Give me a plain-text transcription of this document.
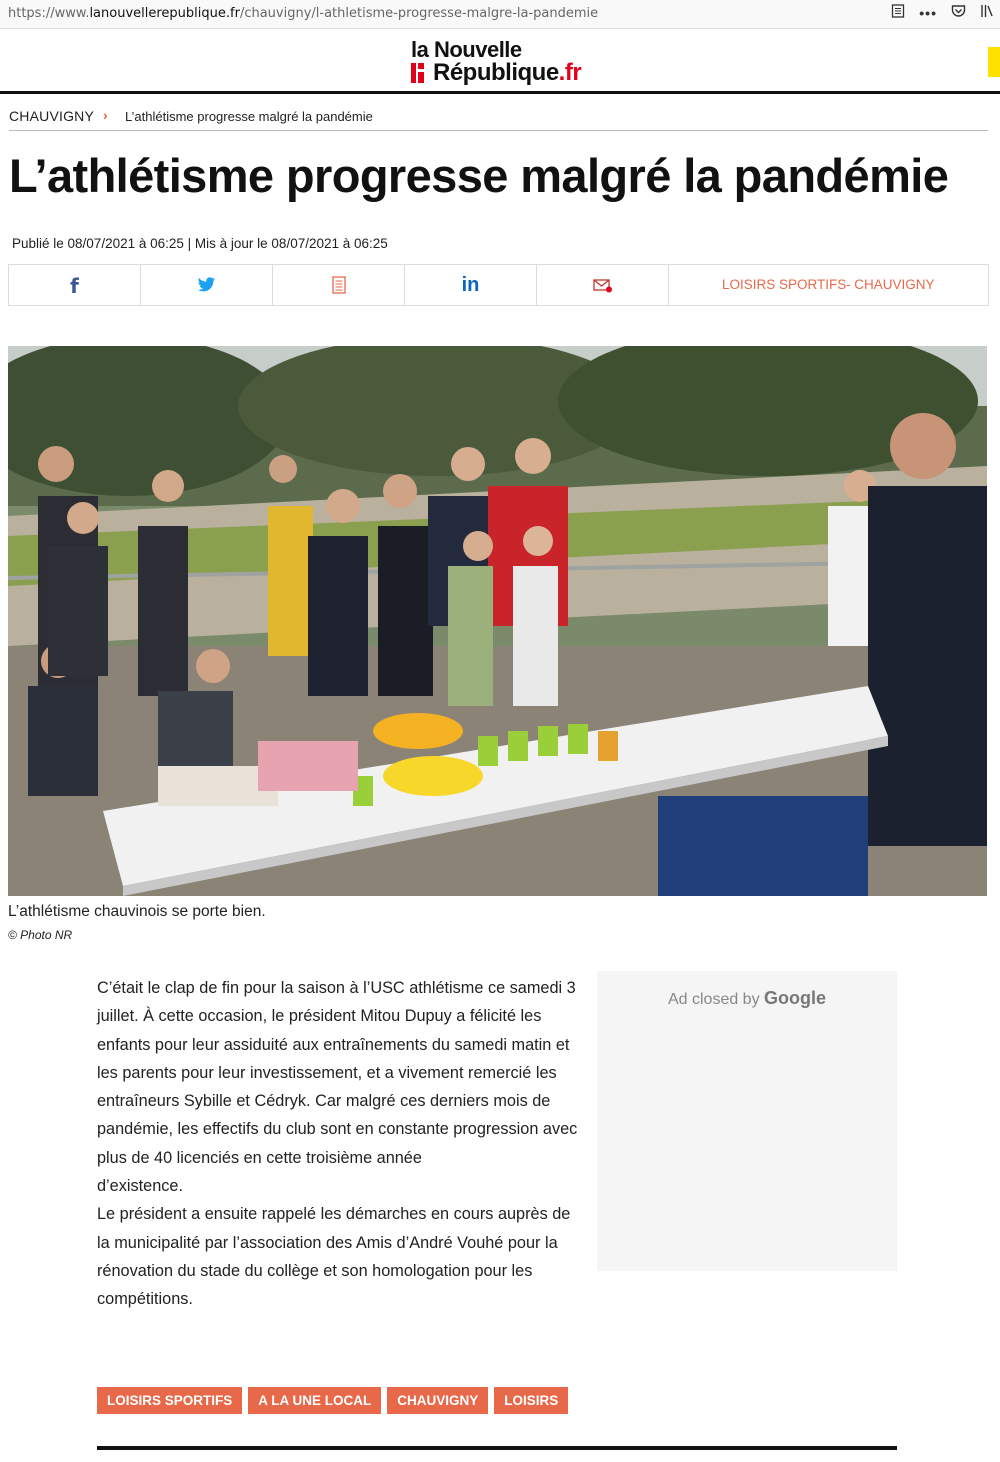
https://www.lanouvellerepublique.fr/chauvigny/l-athletisme-progresse-malgre-la-pandemie	•••
la Nouvelle
République.fr
CHAUVIGNY › L’athlétisme progresse malgré la pandémie
L’athlétisme progresse malgré la pandémie
Publié le 08/07/2021 à 06:25 | Mis à jour le 08/07/2021 à 06:25
f	in	LOISIRS SPORTIFS - CHAUVIGNY
L’athlétisme chauvinois se porte bien.
© Photo NR

C’était le clap de fin pour la saison à l’USC athlétisme ce samedi 3 juillet. À cette occasion, le président Mitou Dupuy a félicité les enfants pour leur assiduité aux entraînements du samedi matin et les parents pour leur investissement, et a vivement remercié les entraîneurs Sybille et Cédryk. Car malgré ces derniers mois de pandémie, les effectifs du club sont en constante progression avec plus de 40 licenciés en cette troisième année

d’existence.

Le président a ensuite rappelé les démarches en cours auprès de la municipalité par l’association des Amis d’André Vouhé pour la rénovation du stade du collège et son homologation pour les compétitions.

Ad closed by Google
LOISIRS SPORTIFS	A LA UNE LOCAL	CHAUVIGNY	LOISIRS
